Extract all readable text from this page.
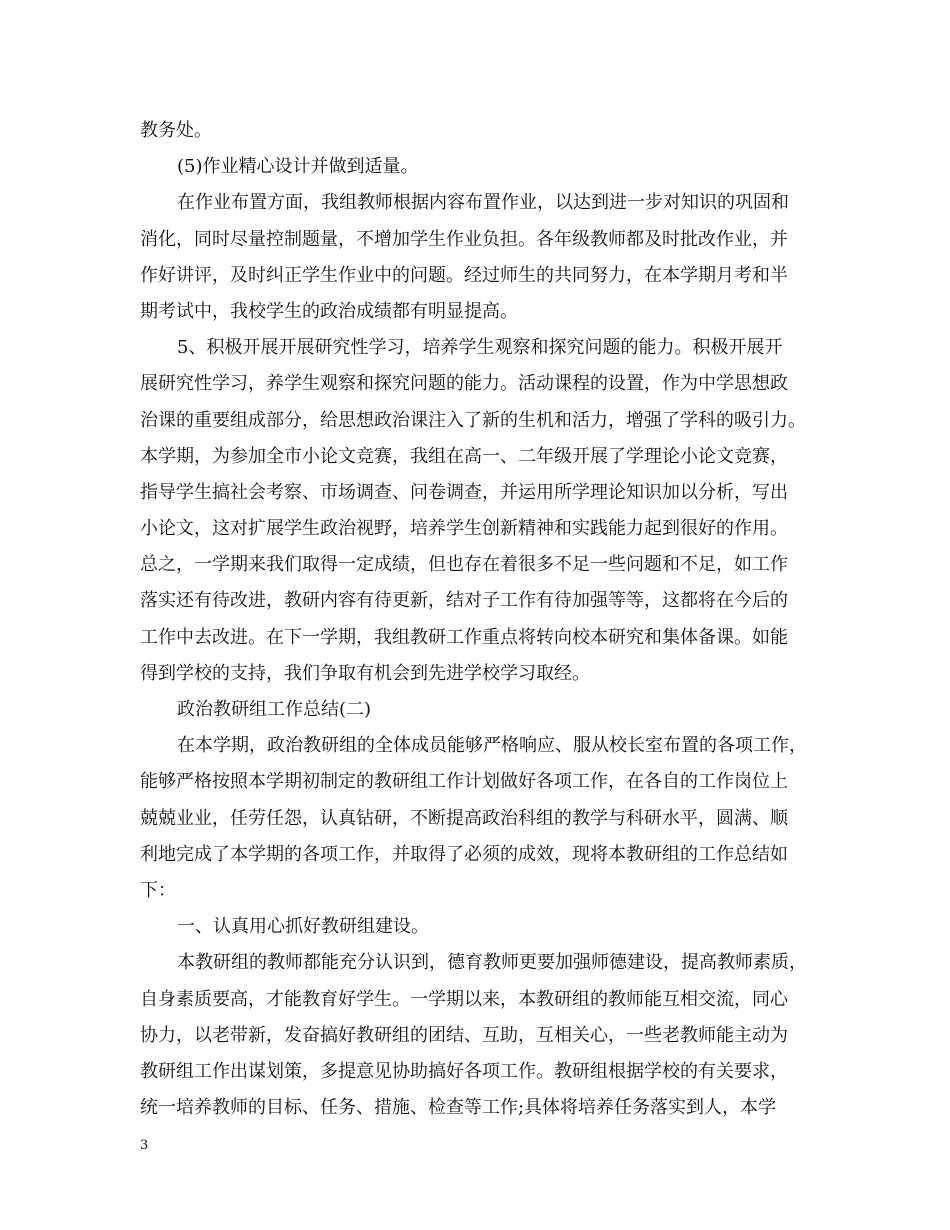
教务处。
(5)作业精心设计并做到适量。
在作业布置方面，我组教师根据内容布置作业，以达到进一步对知识的巩固和
消化，同时尽量控制题量，不增加学生作业负担。各年级教师都及时批改作业，并
作好讲评，及时纠正学生作业中的问题。经过师生的共同努力，在本学期月考和半
期考试中，我校学生的政治成绩都有明显提高。
5、积极开展开展研究性学习，培养学生观察和探究问题的能力。积极开展开
展研究性学习，养学生观察和探究问题的能力。活动课程的设置，作为中学思想政
治课的重要组成部分，给思想政治课注入了新的生机和活力，增强了学科的吸引力。
本学期，为参加全市小论文竞赛，我组在高一、二年级开展了学理论小论文竞赛，
指导学生搞社会考察、市场调查、问卷调查，并运用所学理论知识加以分析，写出
小论文，这对扩展学生政治视野，培养学生创新精神和实践能力起到很好的作用。
总之，一学期来我们取得一定成绩，但也存在着很多不足一些问题和不足，如工作
落实还有待改进，教研内容有待更新，结对子工作有待加强等等，这都将在今后的
工作中去改进。在下一学期，我组教研工作重点将转向校本研究和集体备课。如能
得到学校的支持，我们争取有机会到先进学校学习取经。
政治教研组工作总结(二)
在本学期，政治教研组的全体成员能够严格响应、服从校长室布置的各项工作，
能够严格按照本学期初制定的教研组工作计划做好各项工作，在各自的工作岗位上
兢兢业业，任劳任怨，认真钻研，不断提高政治科组的教学与科研水平，圆满、顺
利地完成了本学期的各项工作，并取得了必须的成效，现将本教研组的工作总结如
下：
一、认真用心抓好教研组建设。
本教研组的教师都能充分认识到，德育教师更要加强师德建设，提高教师素质，
自身素质要高，才能教育好学生。一学期以来，本教研组的教师能互相交流，同心
协力，以老带新，发奋搞好教研组的团结、互助，互相关心，一些老教师能主动为
教研组工作出谋划策，多提意见协助搞好各项工作。教研组根据学校的有关要求，
统一培养教师的目标、任务、措施、检查等工作;具体将培养任务落实到人，本学
3
